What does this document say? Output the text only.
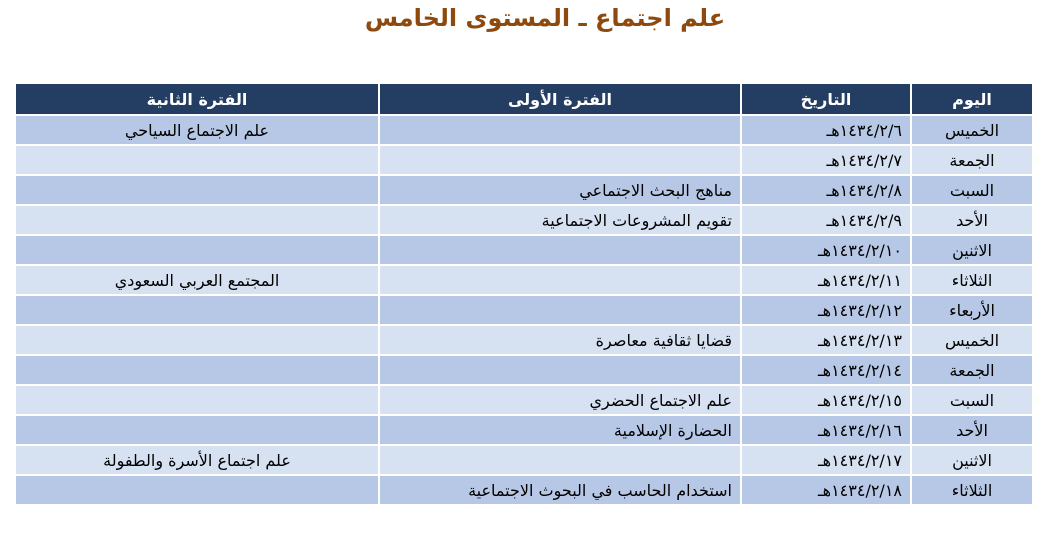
علم اجتماع ـ المستوى الخامس
اليوم	التاريخ	الفترة الأولى	الفترة الثانية
الخميس	١٤٣٤/٢/٦هـ		علم الاجتماع السياحي
الجمعة	١٤٣٤/٢/٧هـ		
السبت	١٤٣٤/٢/٨هـ	مناهج البحث الاجتماعي	
الأحد	١٤٣٤/٢/٩هـ	تقويم المشروعات الاجتماعية	
الاثنين	١٤٣٤/٢/١٠هـ		
الثلاثاء	١٤٣٤/٢/١١هـ		المجتمع العربي السعودي
الأربعاء	١٤٣٤/٢/١٢هـ		
الخميس	١٤٣٤/٢/١٣هـ	قضايا ثقافية معاصرة	
الجمعة	١٤٣٤/٢/١٤هـ		
السبت	١٤٣٤/٢/١٥هـ	علم الاجتماع الحضري	
الأحد	١٤٣٤/٢/١٦هـ	الحضارة الإسلامية	
الاثنين	١٤٣٤/٢/١٧هـ		علم اجتماع الأسرة والطفولة
الثلاثاء	١٤٣٤/٢/١٨هـ	استخدام الحاسب في البحوث الاجتماعية	
